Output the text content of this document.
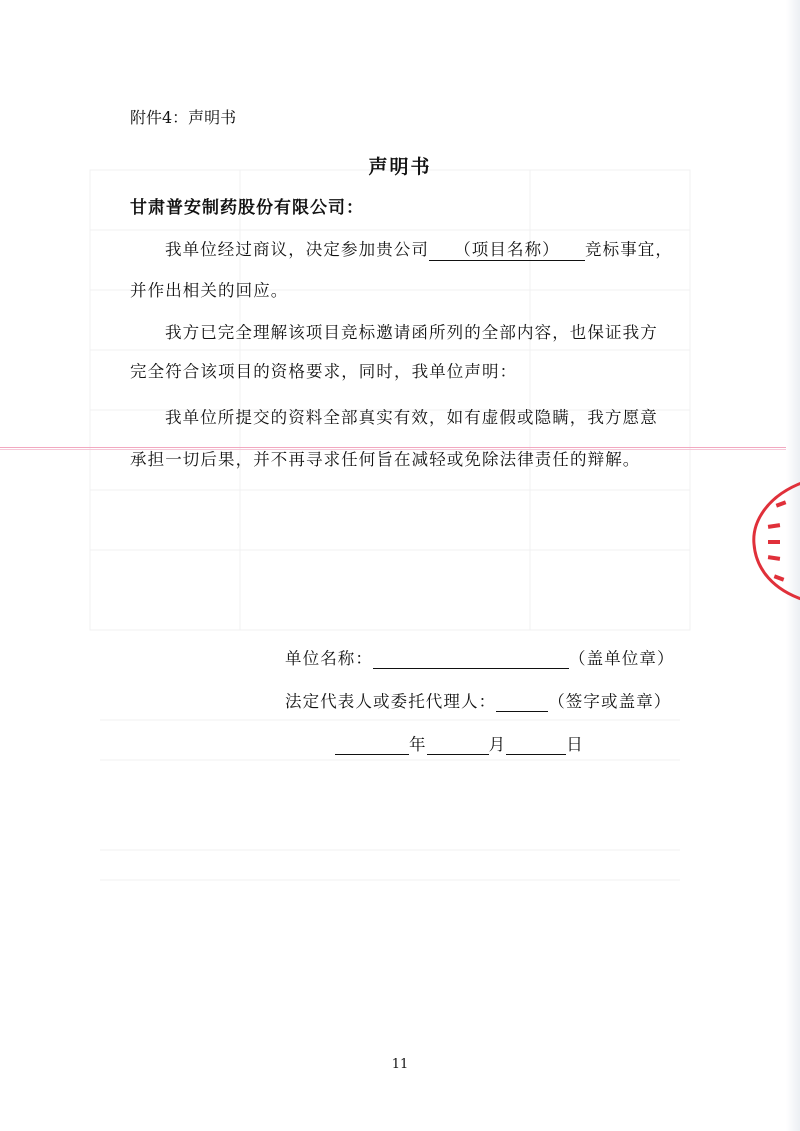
附件4：声明书
声明书
甘肃普安制药股份有限公司：
我单位经过商议，决定参加贵公司 （项目名称） 竞标事宜，
并作出相关的回应。
我方已完全理解该项目竞标邀请函所列的全部内容，也保证我方
完全符合该项目的资格要求，同时，我单位声明：
我单位所提交的资料全部真实有效，如有虚假或隐瞒，我方愿意
承担一切后果，并不再寻求任何旨在减轻或免除法律责任的辩解。
单位名称：	（盖单位章）
法定代表人或委托代理人：	（签字或盖章）
年	月	日
11
